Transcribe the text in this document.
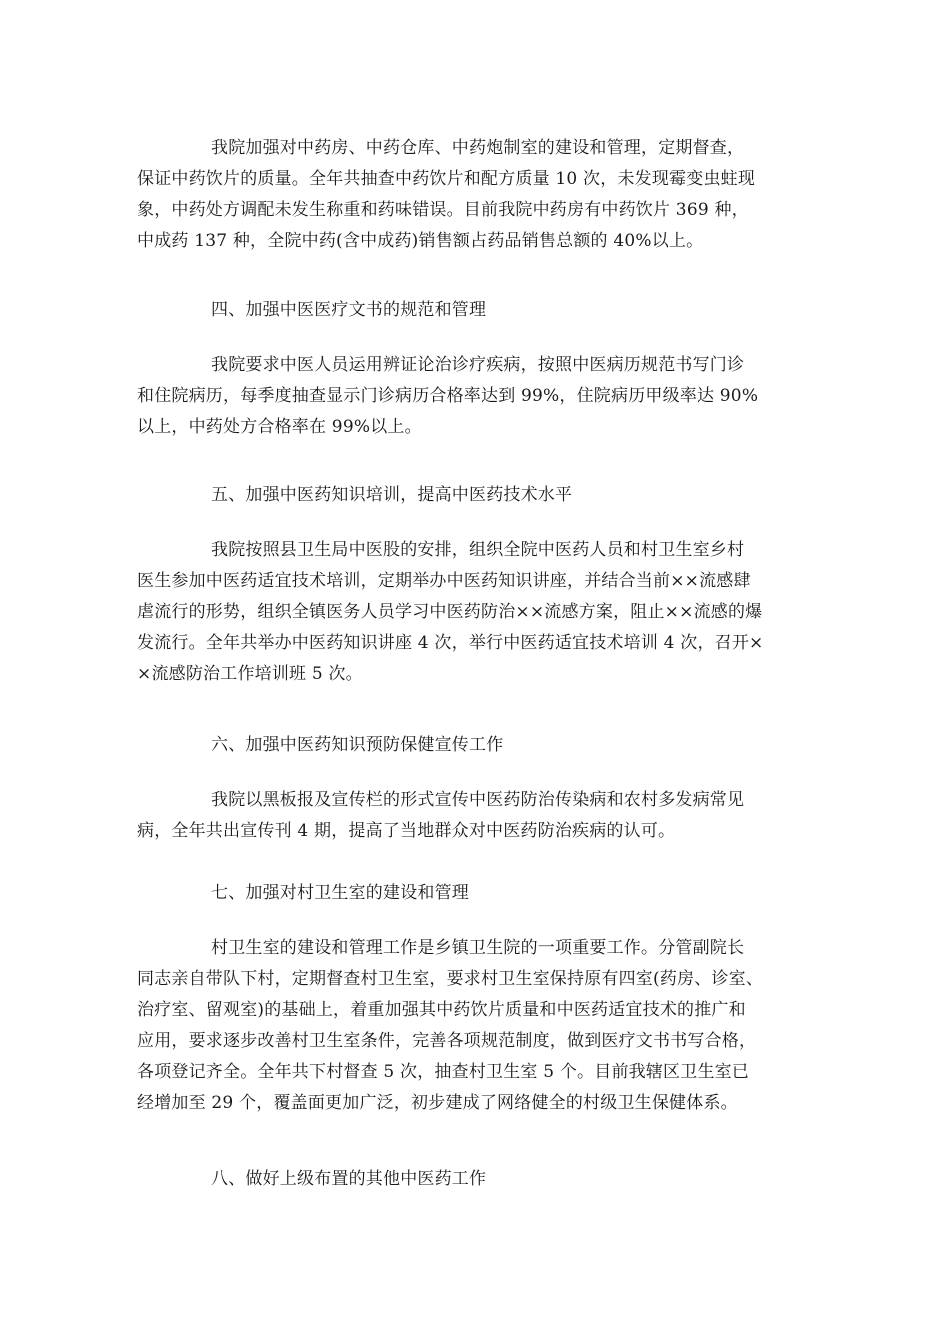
我院加强对中药房、中药仓库、中药炮制室的建设和管理，定期督查，
保证中药饮片的质量。全年共抽查中药饮片和配方质量 10 次，未发现霉变虫蛀现
象，中药处方调配未发生称重和药味错误。目前我院中药房有中药饮片 369 种，
中成药 137 种，全院中药(含中成药)销售额占药品销售总额的 40%以上。
四、加强中医医疗文书的规范和管理
我院要求中医人员运用辨证论治诊疗疾病，按照中医病历规范书写门诊
和住院病历，每季度抽查显示门诊病历合格率达到 99%，住院病历甲级率达 90%
以上，中药处方合格率在 99%以上。
五、加强中医药知识培训，提高中医药技术水平
我院按照县卫生局中医股的安排，组织全院中医药人员和村卫生室乡村
医生参加中医药适宜技术培训，定期举办中医药知识讲座，并结合当前××流感肆
虐流行的形势，组织全镇医务人员学习中医药防治××流感方案，阻止××流感的爆
发流行。全年共举办中医药知识讲座 4 次，举行中医药适宜技术培训 4 次，召开×
×流感防治工作培训班 5 次。
六、加强中医药知识预防保健宣传工作
我院以黑板报及宣传栏的形式宣传中医药防治传染病和农村多发病常见
病，全年共出宣传刊 4 期，提高了当地群众对中医药防治疾病的认可。
七、加强对村卫生室的建设和管理
村卫生室的建设和管理工作是乡镇卫生院的一项重要工作。分管副院长
同志亲自带队下村，定期督查村卫生室，要求村卫生室保持原有四室(药房、诊室、
治疗室、留观室)的基础上，着重加强其中药饮片质量和中医药适宜技术的推广和
应用，要求逐步改善村卫生室条件，完善各项规范制度，做到医疗文书书写合格，
各项登记齐全。全年共下村督查 5 次，抽查村卫生室 5 个。目前我辖区卫生室已
经增加至 29 个，覆盖面更加广泛，初步建成了网络健全的村级卫生保健体系。
八、做好上级布置的其他中医药工作
